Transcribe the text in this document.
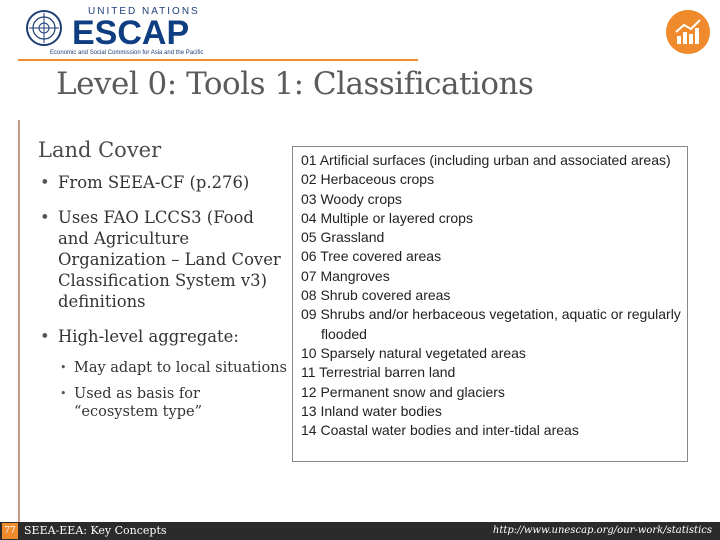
UNITED NATIONS
ESCAP
Economic and Social Commission for Asia and the Pacific
Level 0: Tools 1: Classifications
Land Cover
• From SEEA-CF (p.276)
• Uses FAO LCCS3 (Food and Agriculture Organization – Land Cover Classification System v3) definitions
• High-level aggregate:
• May adapt to local situations
• Used as basis for “ecosystem type”
01 Artificial surfaces (including urban and associated areas)
02 Herbaceous crops
03 Woody crops
04 Multiple or layered crops
05 Grassland
06 Tree covered areas
07 Mangroves
08 Shrub covered areas
09 Shrubs and/or herbaceous vegetation, aquatic or regularly flooded
10 Sparsely natural vegetated areas
11 Terrestrial barren land
12 Permanent snow and glaciers
13 Inland water bodies
14 Coastal water bodies and inter-tidal areas
77 SEEA-EEA: Key Concepts	http://www.unescap.org/our-work/statistics
